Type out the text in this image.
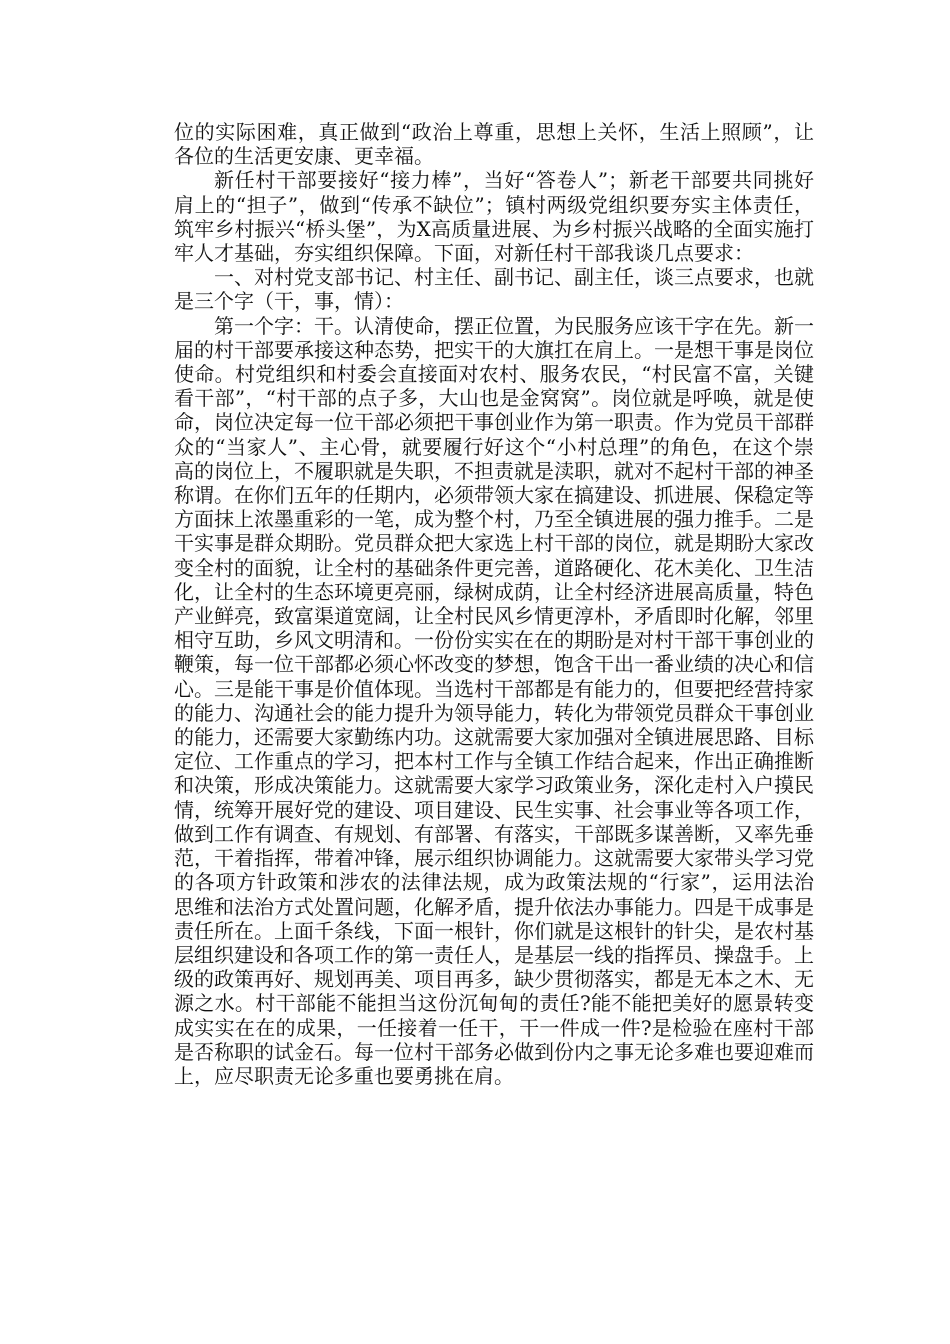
位的实际困难，真正做到“政治上尊重，思想上关怀，生活上照顾”，让各位的生活更安康、更幸福。

新任村干部要接好“接力棒”，当好“答卷人”；新老干部要共同挑好肩上的“担子”，做到“传承不缺位”；镇村两级党组织要夯实主体责任，筑牢乡村振兴“桥头堡”，为X高质量进展、为乡村振兴战略的全面实施打牢人才基础，夯实组织保障。下面，对新任村干部我谈几点要求：

一、对村党支部书记、村主任、副书记、副主任，谈三点要求，也就是三个字（干，事，情）：

第一个字：干。认清使命，摆正位置，为民服务应该干字在先。新一届的村干部要承接这种态势，把实干的大旗扛在肩上。一是想干事是岗位使命。村党组织和村委会直接面对农村、服务农民，“村民富不富，关键看干部”，“村干部的点子多，大山也是金窝窝”。岗位就是呼唤，就是使命，岗位决定每一位干部必须把干事创业作为第一职责。作为党员干部群众的“当家人”、主心骨，就要履行好这个“小村总理”的角色，在这个崇高的岗位上，不履职就是失职，不担责就是渎职，就对不起村干部的神圣称谓。在你们五年的任期内，必须带领大家在搞建设、抓进展、保稳定等方面抹上浓墨重彩的一笔，成为整个村，乃至全镇进展的强力推手。二是干实事是群众期盼。党员群众把大家选上村干部的岗位，就是期盼大家改变全村的面貌，让全村的基础条件更完善，道路硬化、花木美化、卫生洁化，让全村的生态环境更亮丽，绿树成荫，让全村经济进展高质量，特色产业鲜亮，致富渠道宽阔，让全村民风乡情更淳朴，矛盾即时化解，邻里相守互助，乡风文明清和。一份份实实在在的期盼是对村干部干事创业的鞭策，每一位干部都必须心怀改变的梦想，饱含干出一番业绩的决心和信心。三是能干事是价值体现。当选村干部都是有能力的，但要把经营持家的能力、沟通社会的能力提升为领导能力，转化为带领党员群众干事创业的能力，还需要大家勤练内功。这就需要大家加强对全镇进展思路、目标定位、工作重点的学习，把本村工作与全镇工作结合起来，作出正确推断和决策，形成决策能力。这就需要大家学习政策业务，深化走村入户摸民情，统筹开展好党的建设、项目建设、民生实事、社会事业等各项工作，做到工作有调查、有规划、有部署、有落实，干部既多谋善断，又率先垂范，干着指挥，带着冲锋，展示组织协调能力。这就需要大家带头学习党的各项方针政策和涉农的法律法规，成为政策法规的“行家”，运用法治思维和法治方式处置问题，化解矛盾，提升依法办事能力。四是干成事是责任所在。上面千条线，下面一根针，你们就是这根针的针尖，是农村基层组织建设和各项工作的第一责任人，是基层一线的指挥员、操盘手。上级的政策再好、规划再美、项目再多，缺少贯彻落实，都是无本之木、无源之水。村干部能不能担当这份沉甸甸的责任?能不能把美好的愿景转变成实实在在的成果，一任接着一任干，干一件成一件?是检验在座村干部是否称职的试金石。每一位村干部务必做到份内之事无论多难也要迎难而上，应尽职责无论多重也要勇挑在肩。
